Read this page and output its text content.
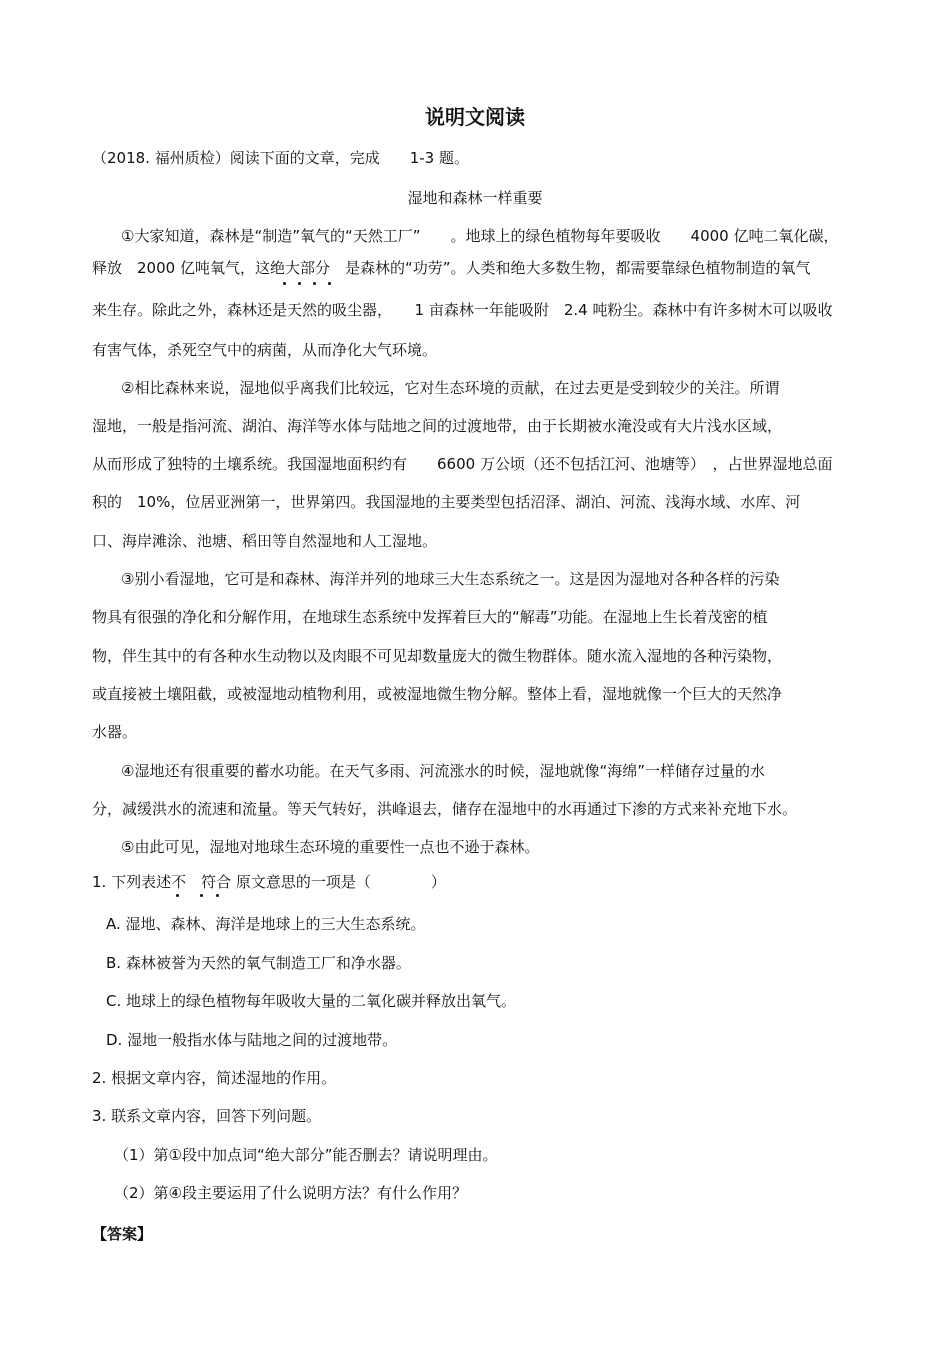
说明文阅读
（2018. 福州质检）阅读下面的文章，完成　　1-3 题。
湿地和森林一样重要
①大家知道，森林是“制造”氧气的“天然工厂”　　。地球上的绿色植物每年要吸收　　4000 亿吨二氧化碳，
释放　2000 亿吨氧气，这绝大部分　是森林的“功劳”。人类和绝大多数生物，都需要靠绿色植物制造的氧气
来生存。除此之外，森林还是天然的吸尘器，　　1 亩森林一年能吸附　2.4 吨粉尘。森林中有许多树木可以吸收
有害气体，杀死空气中的病菌，从而净化大气环境。
②相比森林来说，湿地似乎离我们比较远，它对生态环境的贡献，在过去更是受到较少的关注。所谓
湿地，一般是指河流、湖泊、海洋等水体与陆地之间的过渡地带，由于长期被水淹没或有大片浅水区域，
从而形成了独特的土壤系统。我国湿地面积约有　　6600 万公顷（还不包括江河、池塘等）　，占世界湿地总面
积的　10%，位居亚洲第一，世界第四。我国湿地的主要类型包括沼泽、湖泊、河流、浅海水域、水库、河
口、海岸滩涂、池塘、稻田等自然湿地和人工湿地。
③别小看湿地，它可是和森林、海洋并列的地球三大生态系统之一。这是因为湿地对各种各样的污染
物具有很强的净化和分解作用，在地球生态系统中发挥着巨大的“解毒”功能。在湿地上生长着茂密的植
物，伴生其中的有各种水生动物以及肉眼不可见却数量庞大的微生物群体。随水流入湿地的各种污染物，
或直接被土壤阻截，或被湿地动植物利用，或被湿地微生物分解。整体上看，湿地就像一个巨大的天然净
水器。
④湿地还有很重要的蓄水功能。在天气多雨、河流涨水的时候，湿地就像“海绵”一样储存过量的水
分，减缓洪水的流速和流量。等天气转好，洪峰退去，储存在湿地中的水再通过下渗的方式来补充地下水。
⑤由此可见，湿地对地球生态环境的重要性一点也不逊于森林。
1. 下列表述不　符合 原文意思的一项是（　　　　）
A. 湿地、森林、海洋是地球上的三大生态系统。
B. 森林被誉为天然的氧气制造工厂和净水器。
C. 地球上的绿色植物每年吸收大量的二氧化碳并释放出氧气。
D. 湿地一般指水体与陆地之间的过渡地带。
2. 根据文章内容，简述湿地的作用。
3. 联系文章内容，回答下列问题。
（1）第①段中加点词“绝大部分”能否删去？请说明理由。
（2）第④段主要运用了什么说明方法？有什么作用？
【答案】
